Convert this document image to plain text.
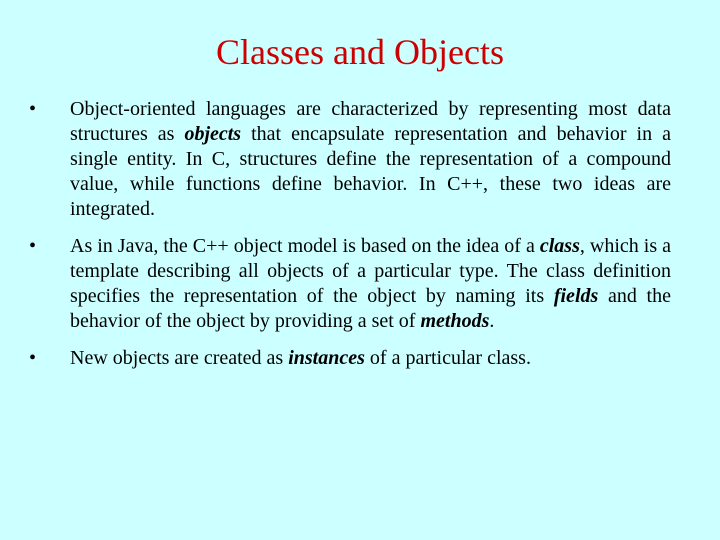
Classes and Objects
• Object-oriented languages are characterized by representing most data structures as objects that encapsulate representation and behavior in a single entity. In C, structures define the representation of a compound value, while functions define behavior. In C++, these two ideas are integrated.
• As in Java, the C++ object model is based on the idea of a class, which is a template describing all objects of a particular type. The class definition specifies the representation of the object by naming its fields and the behavior of the object by providing a set of methods.
• New objects are created as instances of a particular class.
